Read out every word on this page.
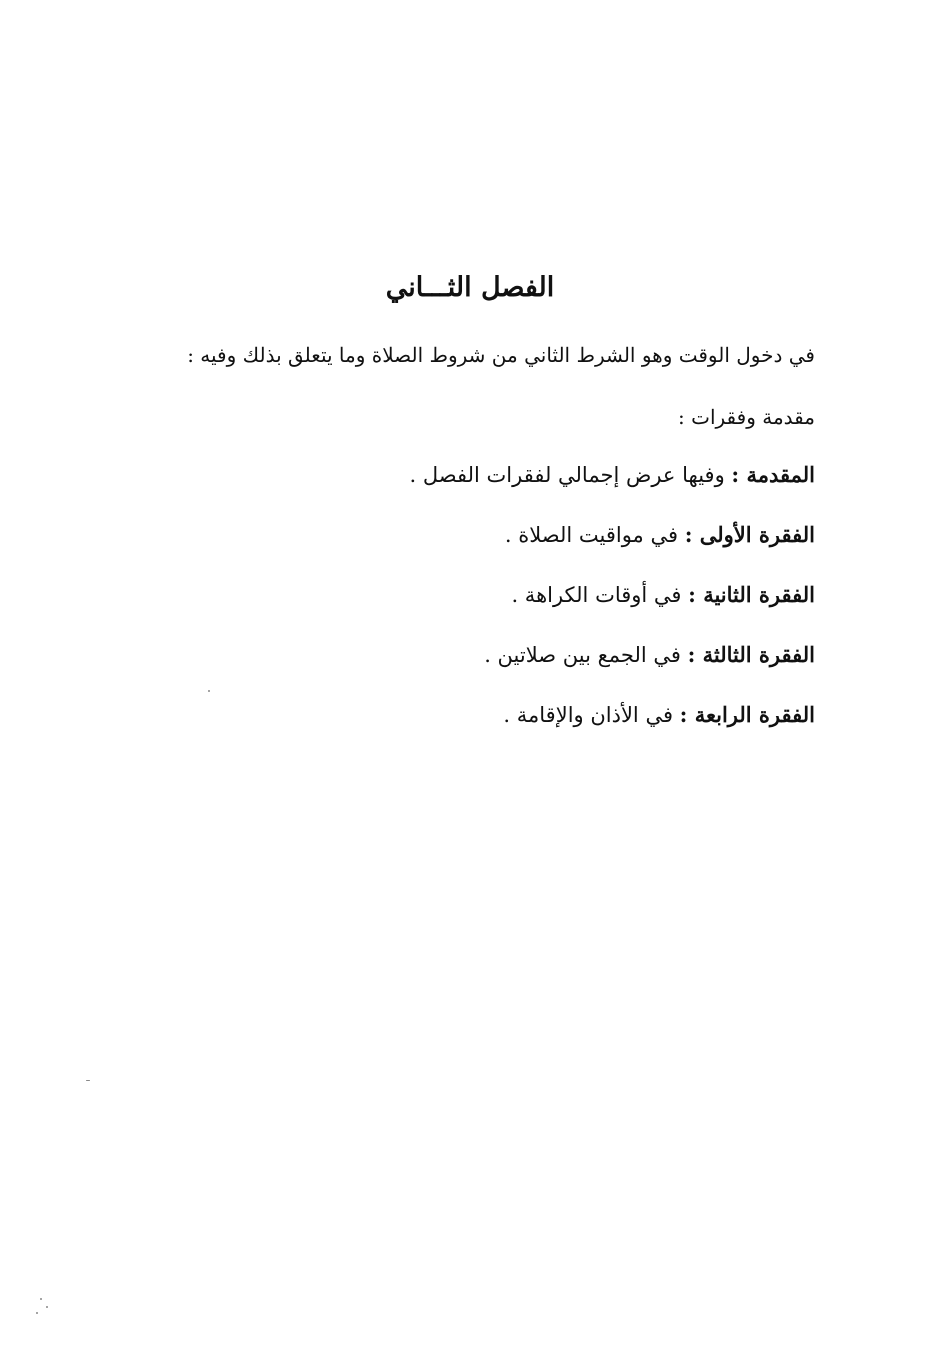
الفصل الثـــاني
في دخول الوقت وهو الشرط الثاني من شروط الصلاة وما يتعلق بذلك وفيه :
مقدمة وفقرات :
المقدمة : وفيها عرض إجمالي لفقرات الفصل .
الفقرة الأولى : في مواقيت الصلاة .
الفقرة الثانية : في أوقات الكراهة .
الفقرة الثالثة : في الجمع بين صلاتين .
الفقرة الرابعة : في الأذان والإقامة .
